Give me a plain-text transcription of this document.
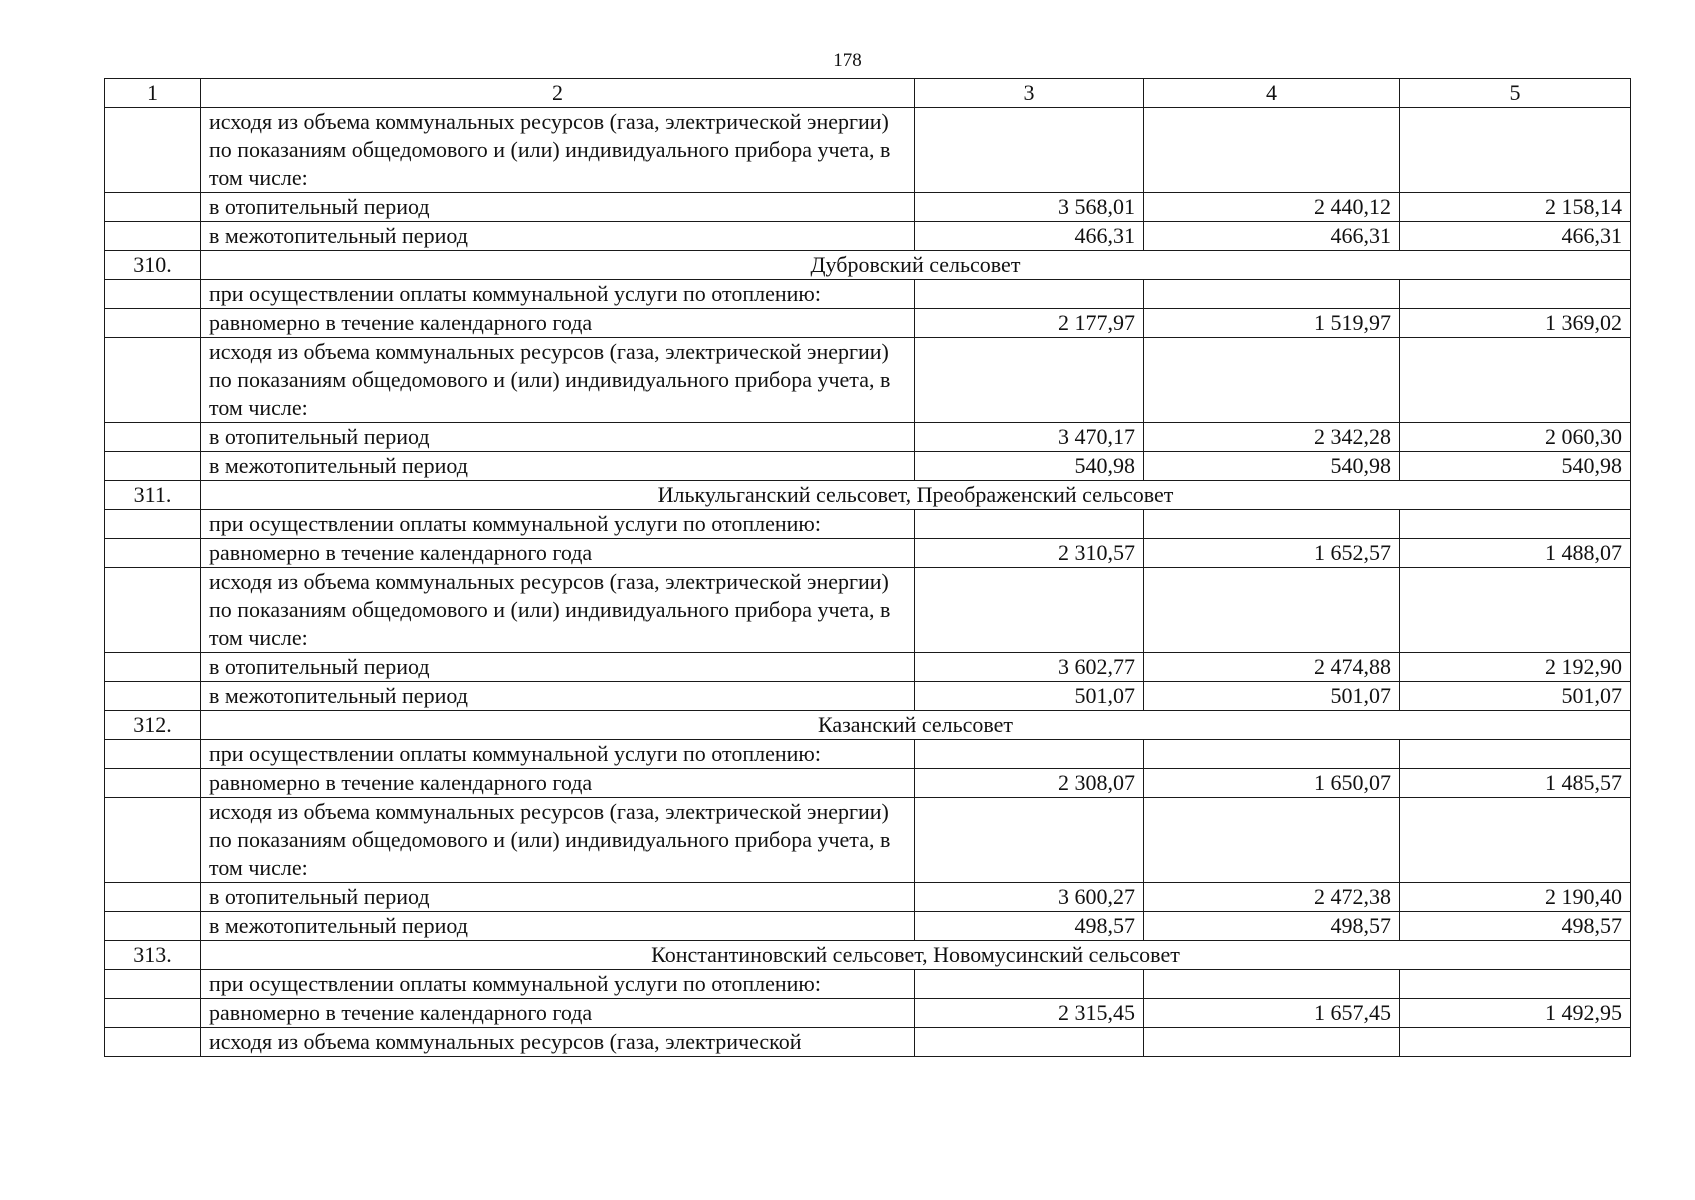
178
1	2	3	4	5
	исходя из объема коммунальных ресурсов (газа, электрической энергии) по показаниям общедомового и (или) индивидуального прибора учета, в том числе:			
	в отопительный период	3 568,01	2 440,12	2 158,14
	в межотопительный период	466,31	466,31	466,31
310.	Дубровский сельсовет			
	при осуществлении оплаты коммунальной услуги по отоплению:			
	равномерно в течение календарного года	2 177,97	1 519,97	1 369,02
	исходя из объема коммунальных ресурсов (газа, электрической энергии) по показаниям общедомового и (или) индивидуального прибора учета, в том числе:			
	в отопительный период	3 470,17	2 342,28	2 060,30
	в межотопительный период	540,98	540,98	540,98
311.	Илькульганский сельсовет, Преображенский сельсовет			
	при осуществлении оплаты коммунальной услуги по отоплению:			
	равномерно в течение календарного года	2 310,57	1 652,57	1 488,07
	исходя из объема коммунальных ресурсов (газа, электрической энергии) по показаниям общедомового и (или) индивидуального прибора учета, в том числе:			
	в отопительный период	3 602,77	2 474,88	2 192,90
	в межотопительный период	501,07	501,07	501,07
312.	Казанский сельсовет			
	при осуществлении оплаты коммунальной услуги по отоплению:			
	равномерно в течение календарного года	2 308,07	1 650,07	1 485,57
	исходя из объема коммунальных ресурсов (газа, электрической энергии) по показаниям общедомового и (или) индивидуального прибора учета, в том числе:			
	в отопительный период	3 600,27	2 472,38	2 190,40
	в межотопительный период	498,57	498,57	498,57
313.	Константиновский сельсовет, Новомусинский сельсовет			
	при осуществлении оплаты коммунальной услуги по отоплению:			
	равномерно в течение календарного года	2 315,45	1 657,45	1 492,95
	исходя из объема коммунальных ресурсов (газа, электрической			
